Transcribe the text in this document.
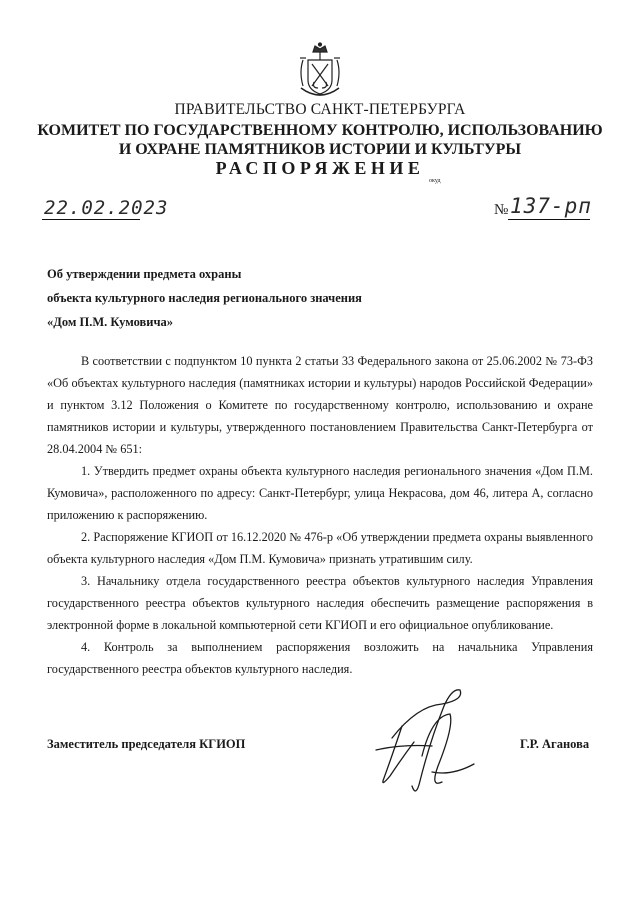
ПРАВИТЕЛЬСТВО САНКТ-ПЕТЕРБУРГА
КОМИТЕТ ПО ГОСУДАРСТВЕННОМУ КОНТРОЛЮ, ИСПОЛЬЗОВАНИЮ
И ОХРАНЕ ПАМЯТНИКОВ ИСТОРИИ И КУЛЬТУРЫ
РАСПОРЯЖЕНИЕ
окуд
22.02.2023	№ 137-рп
Об утверждении предмета охраны
объекта культурного наследия регионального значения
«Дом П.М. Кумовича»

В соответствии с подпунктом 10 пункта 2 статьи 33 Федерального закона от 25.06.2002 № 73-ФЗ «Об объектах культурного наследия (памятниках истории и культуры) народов Российской Федерации» и пунктом 3.12 Положения о Комитете по государственному контролю, использованию и охране памятников истории и культуры, утвержденного постановлением Правительства Санкт-Петербурга от 28.04.2004 № 651:

1. Утвердить предмет охраны объекта культурного наследия регионального значения «Дом П.М. Кумовича», расположенного по адресу: Санкт-Петербург, улица Некрасова, дом 46, литера А, согласно приложению к распоряжению.

2. Распоряжение КГИОП от 16.12.2020 № 476-р «Об утверждении предмета охраны выявленного объекта культурного наследия «Дом П.М. Кумовича» признать утратившим силу.

3. Начальнику отдела государственного реестра объектов культурного наследия Управления государственного реестра объектов культурного наследия обеспечить размещение распоряжения в электронной форме в локальной компьютерной сети КГИОП и его официальное опубликование.

4. Контроль за выполнением распоряжения возложить на начальника Управления государственного реестра объектов культурного наследия.

Заместитель председателя КГИОП	Г.Р. Аганова
